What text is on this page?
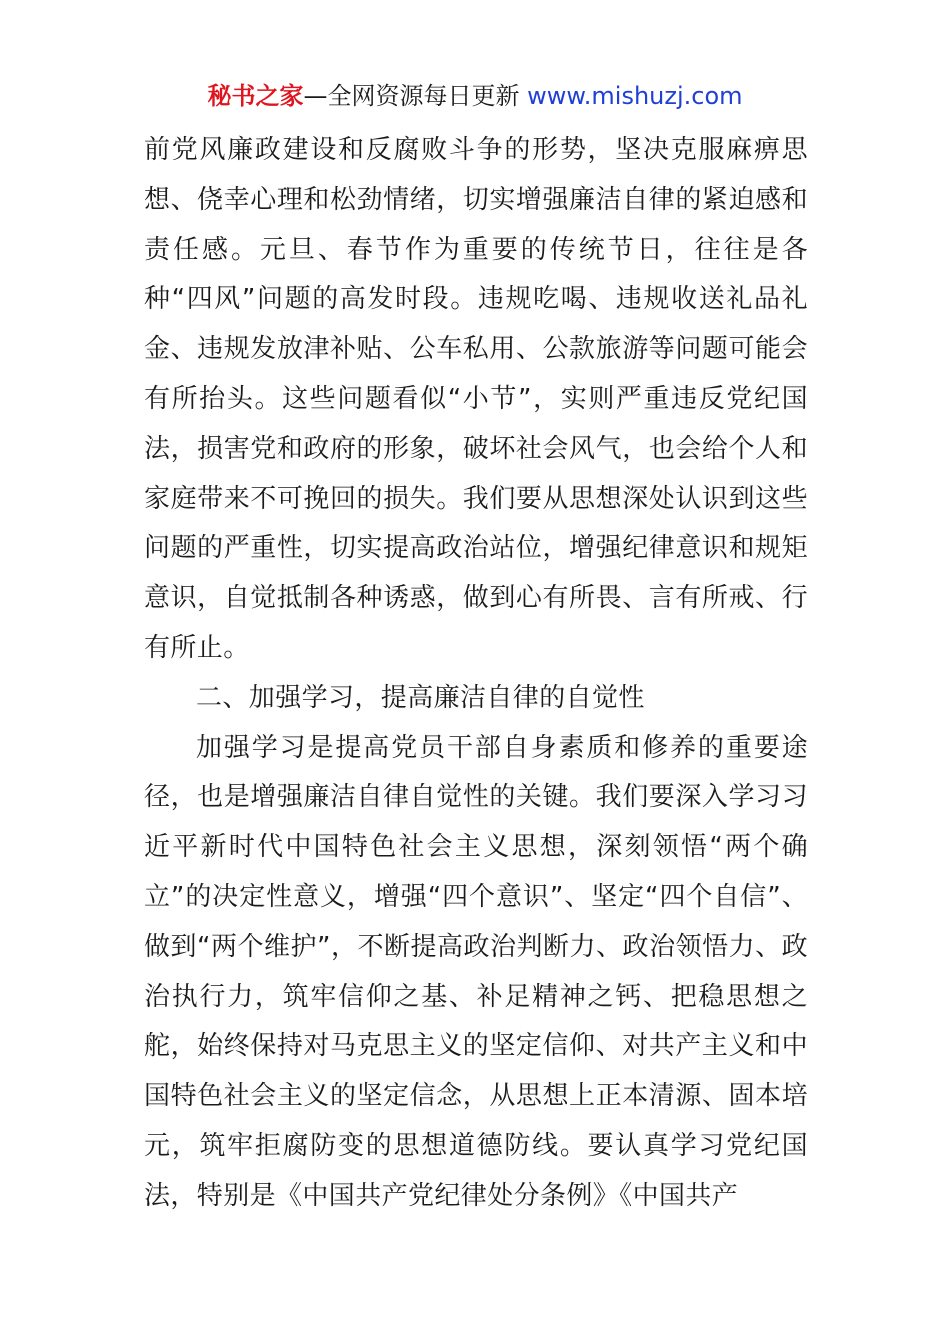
秘书之家—全网资源每日更新 www.mishuzj.com

前党风廉政建设和反腐败斗争的形势，坚决克服麻痹思想、侥幸心理和松劲情绪，切实增强廉洁自律的紧迫感和责任感。元旦、春节作为重要的传统节日，往往是各种“四风”问题的高发时段。违规吃喝、违规收送礼品礼金、违规发放津补贴、公车私用、公款旅游等问题可能会有所抬头。这些问题看似“小节”，实则严重违反党纪国法，损害党和政府的形象，破坏社会风气，也会给个人和家庭带来不可挽回的损失。我们要从思想深处认识到这些问题的严重性，切实提高政治站位，增强纪律意识和规矩意识，自觉抵制各种诱惑，做到心有所畏、言有所戒、行有所止。

二、加强学习，提高廉洁自律的自觉性

加强学习是提高党员干部自身素质和修养的重要途径，也是增强廉洁自律自觉性的关键。我们要深入学习习近平新时代中国特色社会主义思想，深刻领悟“两个确立”的决定性意义，增强“四个意识”、坚定“四个自信”、做到“两个维护”，不断提高政治判断力、政治领悟力、政治执行力，筑牢信仰之基、补足精神之钙、把稳思想之舵，始终保持对马克思主义的坚定信仰、对共产主义和中国特色社会主义的坚定信念，从思想上正本清源、固本培元，筑牢拒腐防变的思想道德防线。要认真学习党纪国法，特别是《中国共产党纪律处分条例》《中国共产
